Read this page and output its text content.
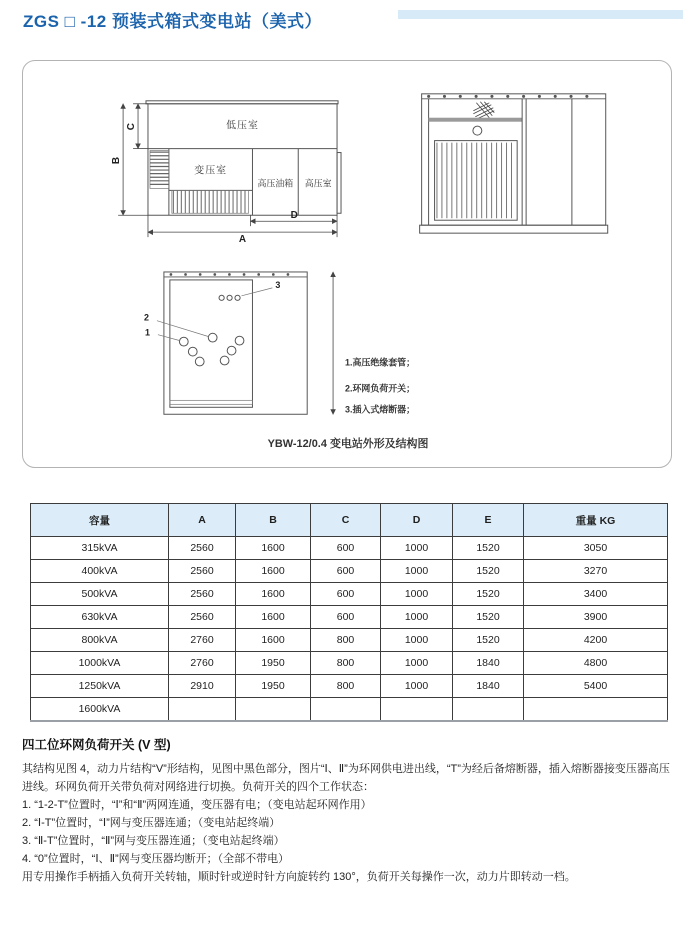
ZGS □ -12 预装式箱式变电站（美式）
低压室
变压室
高压油箱 高压室
C
B
D
A
3
2
1
1.高压绝缘套管；
2.环网负荷开关；
3.插入式熔断器；
YBW-12/0.4 变电站外形及结构图
容量	A	B	C	D	E	重量 KG
315kVA	2560	1600	600	1000	1520	3050
400kVA	2560	1600	600	1000	1520	3270
500kVA	2560	1600	600	1000	1520	3400
630kVA	2560	1600	600	1000	1520	3900
800kVA	2760	1600	800	1000	1520	4200
1000kVA	2760	1950	800	1000	1840	4800
1250kVA	2910	1950	800	1000	1840	5400
1600kVA						
四工位环网负荷开关 (V 型)

其结构见图 4，动力片结构“V”形结构，见图中黑色部分，图片“Ⅰ、Ⅱ”为环网供电进出线，“T”为经后备熔断器，插入熔断器接变压器高压进线。环网负荷开关带负荷对网络进行切换。负荷开关的四个工作状态：

1. “1-2-T”位置时，“Ⅰ”和“Ⅱ”两网连通，变压器有电；（变电站起环网作用）

2. “Ⅰ-T”位置时，“Ⅰ”网与变压器连通；（变电站起终端）

3. “Ⅱ-T”位置时，“Ⅱ”网与变压器连通；（变电站起终端）

4. “0”位置时，“Ⅰ、Ⅱ”网与变压器均断开；（全部不带电）

用专用操作手柄插入负荷开关转轴，顺时针或逆时针方向旋转约 130°，负荷开关每操作一次，动力片即转动一档。
